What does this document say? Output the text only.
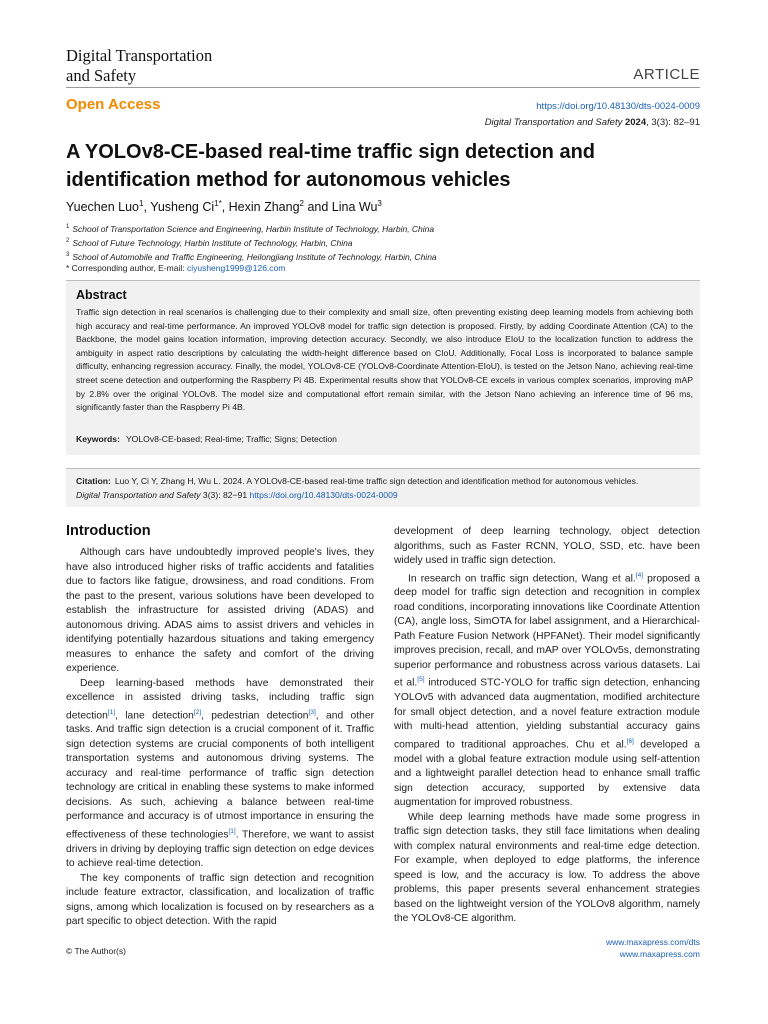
Digital Transportation
and Safety	ARTICLE
Open Access	https://doi.org/10.48130/dts-0024-0009
Digital Transportation and Safety 2024, 3(3): 82–91
A YOLOv8-CE-based real-time traffic sign detection and identification method for autonomous vehicles
Yuechen Luo$^1$, Yusheng $Ci^{1*}$, Hexin Zhang$^2$ and Lina Wu$^3$
$^1$ School of Transportation Science and Engineering, Harbin Institute of Technology, Harbin, China
$^2$ School of Future Technology, Harbin Institute of Technology, Harbin, China
$^3$ School of Automobile and Traffic Engineering, Heilongjiang Institute of Technology, Harbin, China
* Corresponding author, E-mail: ciyusheng1999@126.com
Abstract
Traffic sign detection in real scenarios is challenging due to their complexity and small size, often preventing existing deep learning models from achieving both high accuracy and real-time performance. An improved YOLOv8 model for traffic sign detection is proposed. Firstly, by adding Coordinate Attention (CA) to the Backbone, the model gains location information, improving detection accuracy. Secondly, we also introduce EIoU to the localization function to address the ambiguity in aspect ratio descriptions by calculating the width-height difference based on CIoU. Additionally, Focal Loss is incorporated to balance sample difficulty, enhancing regression accuracy. Finally, the model, YOLOv8-CE (YOLOv8-Coordinate Attention-EIoU), is tested on the Jetson Nano, achieving real-time street scene detection and outperforming the Raspberry Pi 4B. Experimental results show that YOLOv8-CE excels in various complex scenarios, improving mAP by 2.8% over the original YOLOv8. The model size and computational effort remain similar, with the Jetson Nano achieving an inference time of 96 ms, significantly faster than the Raspberry Pi 4B.
Keywords: YOLOv8-CE-based; Real-time; Traffic; Signs; Detection
Citation: Luo Y, Ci Y, Zhang H, Wu L. 2024. A YOLOv8-CE-based real-time traffic sign detection and identification method for autonomous vehicles.
Digital Transportation and Safety 3(3): 82−91 https://doi.org/10.48130/dts-0024-0009
Introduction

Although cars have undoubtedly improved people's lives, they have also introduced higher risks of traffic accidents and fatalities due to factors like fatigue, drowsiness, and road conditions. From the past to the present, various solutions have been developed to establish the infrastructure for assisted driving (ADAS) and autonomous driving. ADAS aims to assist drivers and vehicles in identifying potentially hazardous situations and taking emergency measures to enhance the safety and comfort of the driving experience.

Deep learning-based methods have demonstrated their excellence in assisted driving tasks, including traffic sign detection[1], lane detection[2], pedestrian detection[3], and other tasks. And traffic sign detection is a crucial component of it. Traffic sign detection systems are crucial components of both intelligent transportation systems and autonomous driving systems. The accuracy and real-time performance of traffic sign detection technology are critical in enabling these systems to make informed decisions. As such, achieving a balance between real-time performance and accuracy is of utmost importance in ensuring the effectiveness of these technologies[1]. Therefore, we want to assist drivers in driving by deploying traffic sign detection on edge devices to achieve real-time detection.

The key components of traffic sign detection and recognition include feature extractor, classification, and localization of traffic signs, among which localization is focused on by researchers as a part specific to object detection. With the rapid

development of deep learning technology, object detection algorithms, such as Faster RCNN, YOLO, SSD, etc. have been widely used in traffic sign detection.

In research on traffic sign detection, Wang et al.[4] proposed a deep model for traffic sign detection and recognition in complex road conditions, incorporating innovations like Coordinate Attention (CA), angle loss, SimOTA for label assignment, and a Hierarchical-Path Feature Fusion Network (HPFANet). Their model significantly improves precision, recall, and mAP over YOLOv5s, demonstrating superior performance and robustness across various datasets. Lai et al.[5] introduced STC-YOLO for traffic sign detection, enhancing YOLOv5 with advanced data augmentation, modified architecture for small object detection, and a novel feature extraction module with multi-head attention, yielding substantial accuracy gains compared to traditional approaches. Chu et al.[6] developed a model with a global feature extraction module using self-attention and a lightweight parallel detection head to enhance small traffic sign detection accuracy, supported by extensive data augmentation for improved robustness.

While deep learning methods have made some progress in traffic sign detection tasks, they still face limitations when dealing with complex natural environments and real-time edge detection. For example, when deployed to edge platforms, the inference speed is low, and the accuracy is low. To address the above problems, this paper presents several enhancement strategies based on the lightweight version of the YOLOv8 algorithm, namely the YOLOv8-CE algorithm.

© The Author(s)
www.maxapress.com/dts
www.maxapress.com
